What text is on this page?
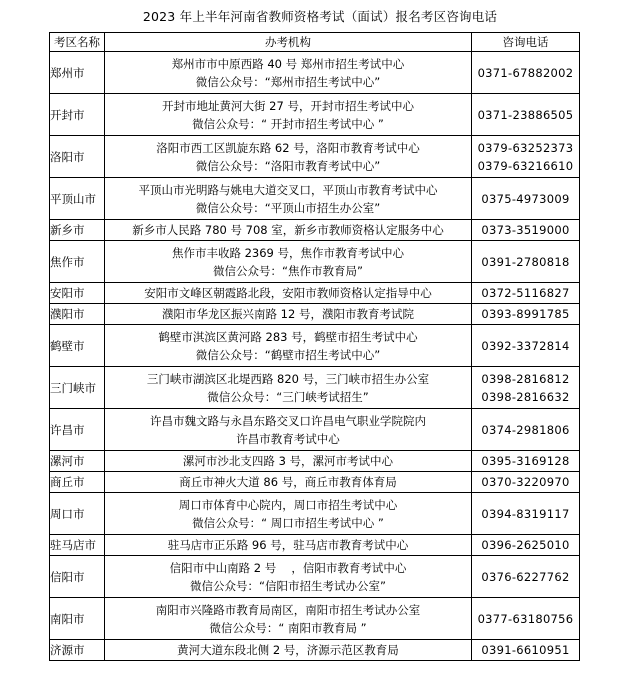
2023 年上半年河南省教师资格考试（面试）报名考区咨询电话
考区名称	办考机构	咨询电话
郑州市	郑州市市中原西路 40 号 郑州市招生考试中心
微信公众号：“郑州市招生考试中心”	0371-67882002

开封市	开封市地址黄河大街 27 号，开封市招生考试中心
微信公众号：“ 开封市招生考试中心 ”	0371-23886505

洛阳市	洛阳市西工区凯旋东路 62 号，洛阳市教育考试中心
微信公众号：“洛阳市教育考试中心”	0379-63252373
0379-63216610

平顶山市	平顶山市光明路与姚电大道交叉口，平顶山市教育考试中心
微信公众号：“平顶山市招生办公室”	0375-4973009

新乡市	新乡市人民路 780 号 708 室，新乡市教师资格认定服务中心	0373-3519000

焦作市	焦作市丰收路 2369 号，焦作市教育考试中心
微信公众号：“焦作市教育局”	0391-2780818

安阳市	安阳市文峰区朝霞路北段，安阳市教师资格认定指导中心	0372-5116827

濮阳市	濮阳市华龙区振兴南路 12 号，濮阳市教育考试院	0393-8991785

鹤壁市	鹤壁市淇滨区黄河路 283 号，鹤壁市招生考试中心
微信公众号：“鹤壁市招生考试中心”	0392-3372814

三门峡市	三门峡市湖滨区北堤西路 820 号，三门峡市招生办公室
微信公众号：“三门峡考试招生”	0398-2816812
0398-2816632

许昌市	许昌市魏文路与永昌东路交叉口许昌电气职业学院院内
许昌市教育考试中心	0374-2981806

漯河市	漯河市沙北支四路 3 号，漯河市考试中心	0395-3169128

商丘市	商丘市神火大道 86 号，商丘市教育体育局	0370-3220970

周口市	周口市体育中心院内，周口市招生考试中心
微信公众号：“ 周口市招生考试中心 ”	0394-8319117

驻马店市	驻马店市正乐路 96 号，驻马店市教育考试中心	0396-2625010

信阳市	信阳市中山南路 2 号　 ，信阳市教育考试中心
微信公众号：“信阳市招生考试办公室”	0376-6227762

南阳市	南阳市兴隆路市教育局南区，南阳市招生考试办公室
微信公众号：“ 南阳市教育局 ”	0377-63180756

济源市	黄河大道东段北侧 2 号，济源示范区教育局	0391-6610951
